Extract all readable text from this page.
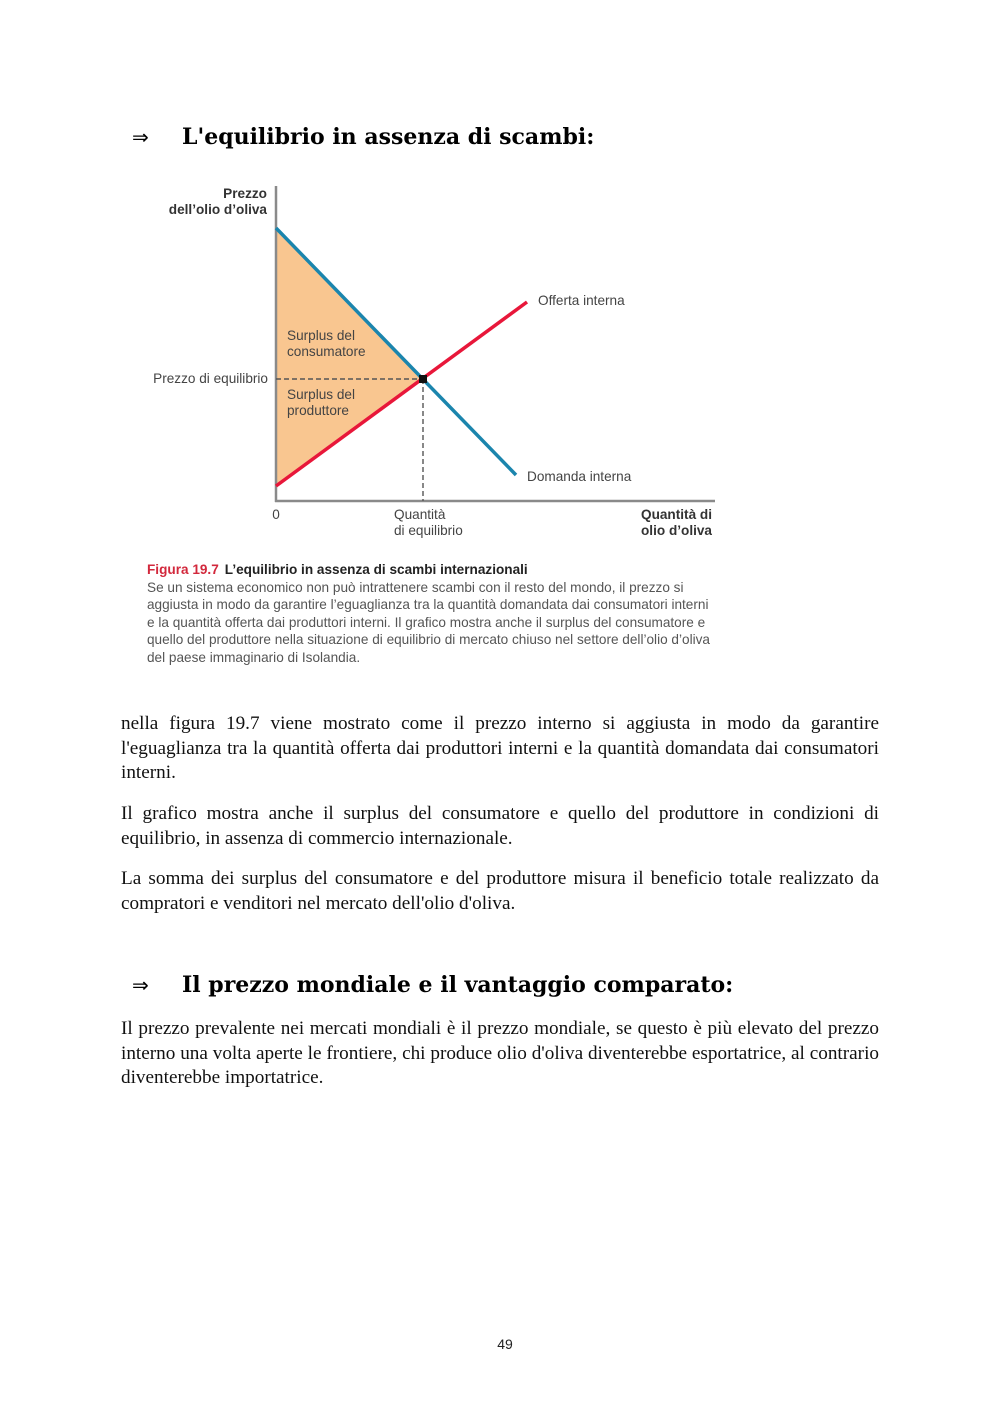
⇒ L'equilibrio in assenza di scambi:
Prezzo
dell’olio d’oliva
Quantità di
olio d’oliva
0
Prezzo di equilibrio
Quantità
di equilibrio
Offerta interna
Domanda interna
Surplus del
consumatore
Surplus del
produttore
Figura 19.7 L’equilibrio in assenza di scambi internazionali
Se un sistema economico non può intrattenere scambi con il resto del mondo, il prezzo si aggiusta in modo da garantire l’eguaglianza tra la quantità domandata dai consumatori interni e la quantità offerta dai produttori interni. Il grafico mostra anche il surplus del consumatore e quello del produttore nella situazione di equilibrio di mercato chiuso nel settore dell’olio d’oliva del paese immaginario di Isolandia.

nella figura 19.7 viene mostrato come il prezzo interno si aggiusta in modo da garantire l'eguaglianza tra la quantità offerta dai produttori interni e la quantità domandata dai consumatori interni.

Il grafico mostra anche il surplus del consumatore e quello del produttore in condizioni di equilibrio, in assenza di commercio internazionale.

La somma dei surplus del consumatore e del produttore misura il beneficio totale realizzato da compratori e venditori nel mercato dell'olio d'oliva.

⇒ Il prezzo mondiale e il vantaggio comparato:

Il prezzo prevalente nei mercati mondiali è il prezzo mondiale, se questo è più elevato del prezzo interno una volta aperte le frontiere, chi produce olio d'oliva diventerebbe esportatrice, al contrario diventerebbe importatrice.

49
